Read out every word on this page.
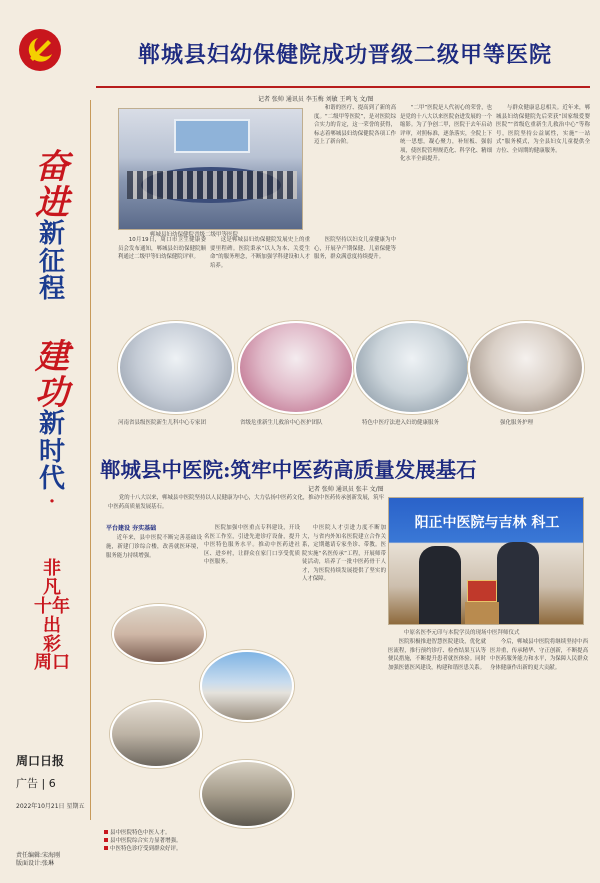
奋
进
新
征
程
建
功
新
时
代
·
非
凡
十年
出
彩
周口
周口日报
广告 | 6
2022年10月21日 星期五
责任编辑:宋海刚
版面设计:张琳
郸城县妇幼保健院成功晋级二级甲等医院
记者 张帅 通讯员 李玉梅 刘敏 王鸣飞 文/图
郸城县妇幼保健院晋级二级甲等医院

和谐的医疗、提高到了新的高度。“二级甲等医院”，是对医院综合实力的肯定，这一荣誉的获得，标志着郸城县妇幼保健院各项工作迈上了新台阶。

“二甲”医院是人代初心的荣誉，也是党的十八大以来医院奋进发展的一个缩影。为了争创二甲，医院于去年启动评审，对照标准，逐条落实，全院上下统一思想，凝心聚力，补短板、强弱项，使医院管理规范化、科学化、精细化水平全面提升。

与群众健康息息相关。近年来，郸城县妇幼保健院先后荣获“国家级爱婴医院”“省级危重新生儿救治中心”等称号，医院坚持公益属性，实施“一站式”服务模式，为全县妇女儿童提供全方位、全周期的健康服务。

10月19日，周口市卫生健康委员会发布通知，郸城县妇幼保健院顺利通过二级甲等妇幼保健院评审。

这是郸城县妇幼保健院发展史上的重要里程碑。医院秉承“以人为本、关爱生命”的服务理念，不断加强学科建设和人才培养。

医院坚持以妇女儿童健康为中心，开展孕产期保健、儿童保健等服务，群众满意度持续提升。

河南省县级医院新生儿科中心专家团	省级危重新生儿救治中心医护团队	特色中医疗法进入妇幼健康服务	强化服务护理
郸城县中医院:筑牢中医药高质量发展基石
记者 张帅 通讯员 张丰 文/图

党的十八大以来，郸城县中医院坚持以人民健康为中心，大力弘扬中医药文化，推动中医药传承创新发展，筑牢中医药高质量发展基石。

平台建设 夯实基础

近年来，县中医院不断完善基础设施，新建门诊综合楼，改善就医环境，服务能力持续增强。

医院加强中医重点专科建设，开设名医工作室，引进先进诊疗设备，提升中医特色服务水平。推动中医药进社区、进乡村，让群众在家门口享受优质中医服务。

中医院人才引进力度不断加大，与省内外知名医院建立合作关系，定期邀请专家坐诊、带教。医院实施“名医传承”工程，开展师带徒活动，培养了一批中医药骨干人才，为医院持续发展提供了坚实的人才保障。

医院积极推进智慧医院建设，优化就医流程，推行预约诊疗、检查结果互认等便民措施，不断提升患者就医体验。同时加强医德医风建设，构建和谐医患关系。

今后，郸城县中医院将继续坚持中西医并重，传承精华、守正创新，不断提高中医药服务能力和水平，为保障人民群众身体健康作出新的更大贡献。

阳正中医院与吉林 科工
中原名医李元印与本院学员的现场中医拜师仪式
县中医院特色中医人才。
县中医院综合实力显著增强。
中医特色诊疗受到群众好评。
